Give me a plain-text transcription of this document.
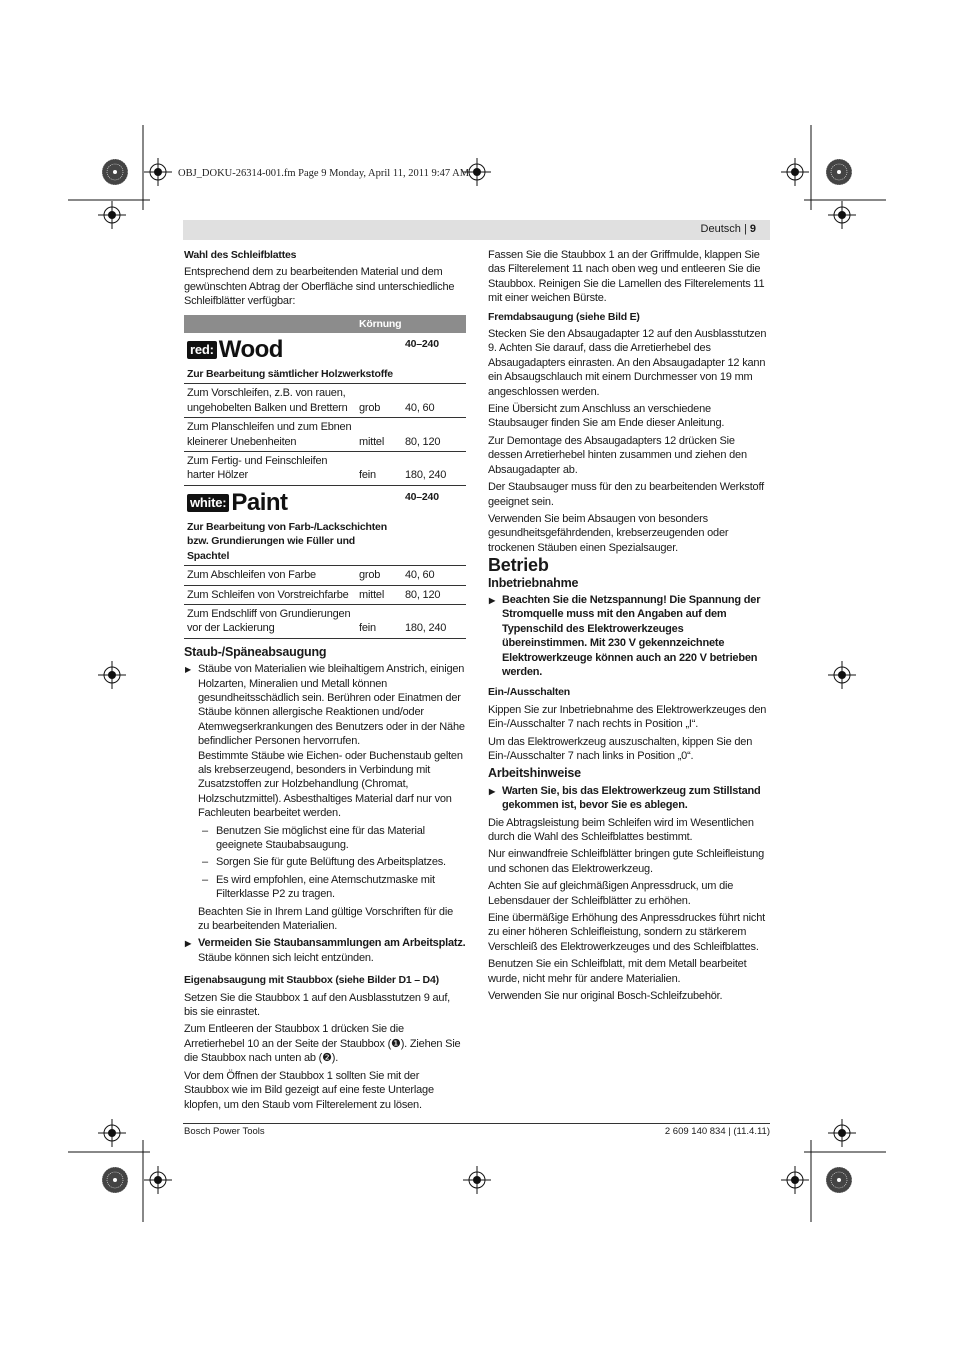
OBJ_DOKU-26314-001.fm Page 9 Monday, April 11, 2011 9:47 AM
Deutsch | 9

Wahl des Schleifblattes

Entsprechend dem zu bearbeitenden Material und dem gewünschten Abtrag der Oberfläche sind unterschiedliche Schleifblätter verfügbar:

	Körnung	

red: Wood
Zur Bearbeitung sämtlicher Holzwerkstoffe		40–240
Zum Vorschleifen, z.B. von rauen, ungehobelten Balken und Brettern	grob	40, 60
Zum Planschleifen und zum Ebnen kleinerer Unebenheiten	mittel	80, 120
Zum Fertig- und Feinschleifen harter Hölzer	fein	180, 240

white: Paint
Zur Bearbeitung von Farb-/Lackschichten bzw. Grundierungen wie Füller und Spachtel		40–240
Zum Abschleifen von Farbe	grob	40, 60
Zum Schleifen von Vorstreichfarbe	mittel	80, 120
Zum Endschliff von Grundierungen vor der Lackierung	fein	180, 240

Staub-/Späneabsaugung

▶ Stäube von Materialien wie bleihaltigem Anstrich, einigen Holzarten, Mineralien und Metall können gesundheitsschädlich sein. Berühren oder Einatmen der Stäube können allergische Reaktionen und/oder Atemwegserkrankungen des Benutzers oder in der Nähe befindlicher Personen hervorrufen.

Bestimmte Stäube wie Eichen- oder Buchenstaub gelten als krebserzeugend, besonders in Verbindung mit Zusatzstoffen zur Holzbehandlung (Chromat, Holzschutzmittel). Asbesthaltiges Material darf nur von Fachleuten bearbeitet werden.

– Benutzen Sie möglichst eine für das Material geeignete Staubabsaugung.

– Sorgen Sie für gute Belüftung des Arbeitsplatzes.

– Es wird empfohlen, eine Atemschutzmaske mit Filterklasse P2 zu tragen.

Beachten Sie in Ihrem Land gültige Vorschriften für die zu bearbeitenden Materialien.

▶ Vermeiden Sie Staubansammlungen am Arbeitsplatz.

Stäube können sich leicht entzünden.

Eigenabsaugung mit Staubbox (siehe Bilder D1 – D4)

Setzen Sie die Staubbox 1 auf den Ausblasstutzen 9 auf, bis sie einrastet.

Zum Entleeren der Staubbox 1 drücken Sie die Arretierhebel 10 an der Seite der Staubbox (❶). Ziehen Sie die Staubbox nach unten ab (❷).

Vor dem Öffnen der Staubbox 1 sollten Sie mit der Staubbox wie im Bild gezeigt auf eine feste Unterlage klopfen, um den Staub vom Filterelement zu lösen.

Fassen Sie die Staubbox 1 an der Griffmulde, klappen Sie das Filterelement 11 nach oben weg und entleeren Sie die Staubbox. Reinigen Sie die Lamellen des Filterelements 11 mit einer weichen Bürste.

Fremdabsaugung (siehe Bild E)

Stecken Sie den Absaugadapter 12 auf den Ausblasstutzen 9. Achten Sie darauf, dass die Arretierhebel des Absaugadapters einrasten. An den Absaugadapter 12 kann ein Absaugschlauch mit einem Durchmesser von 19 mm angeschlossen werden.

Eine Übersicht zum Anschluss an verschiedene Staubsauger finden Sie am Ende dieser Anleitung.

Zur Demontage des Absaugadapters 12 drücken Sie dessen Arretierhebel hinten zusammen und ziehen den Absaugadapter ab.

Der Staubsauger muss für den zu bearbeitenden Werkstoff geeignet sein.

Verwenden Sie beim Absaugen von besonders gesundheitsgefährdenden, krebserzeugenden oder trockenen Stäuben einen Spezialsauger.

Betrieb

Inbetriebnahme

▶ Beachten Sie die Netzspannung! Die Spannung der Stromquelle muss mit den Angaben auf dem Typenschild des Elektrowerkzeuges übereinstimmen. Mit 230 V gekennzeichnete Elektrowerkzeuge können auch an 220 V betrieben werden.

Ein-/Ausschalten

Kippen Sie zur Inbetriebnahme des Elektrowerkzeuges den Ein-/Ausschalter 7 nach rechts in Position „I“.

Um das Elektrowerkzeug auszuschalten, kippen Sie den Ein-/Ausschalter 7 nach links in Position „0“.

Arbeitshinweise

▶ Warten Sie, bis das Elektrowerkzeug zum Stillstand gekommen ist, bevor Sie es ablegen.

Die Abtragsleistung beim Schleifen wird im Wesentlichen durch die Wahl des Schleifblattes bestimmt.

Nur einwandfreie Schleifblätter bringen gute Schleifleistung und schonen das Elektrowerkzeug.

Achten Sie auf gleichmäßigen Anpressdruck, um die Lebensdauer der Schleifblätter zu erhöhen.

Eine übermäßige Erhöhung des Anpressdruckes führt nicht zu einer höheren Schleifleistung, sondern zu stärkerem Verschleiß des Elektrowerkzeuges und des Schleifblattes.

Benutzen Sie ein Schleifblatt, mit dem Metall bearbeitet wurde, nicht mehr für andere Materialien.

Verwenden Sie nur original Bosch-Schleifzubehör.

Bosch Power Tools	2 609 140 834 | (11.4.11)
